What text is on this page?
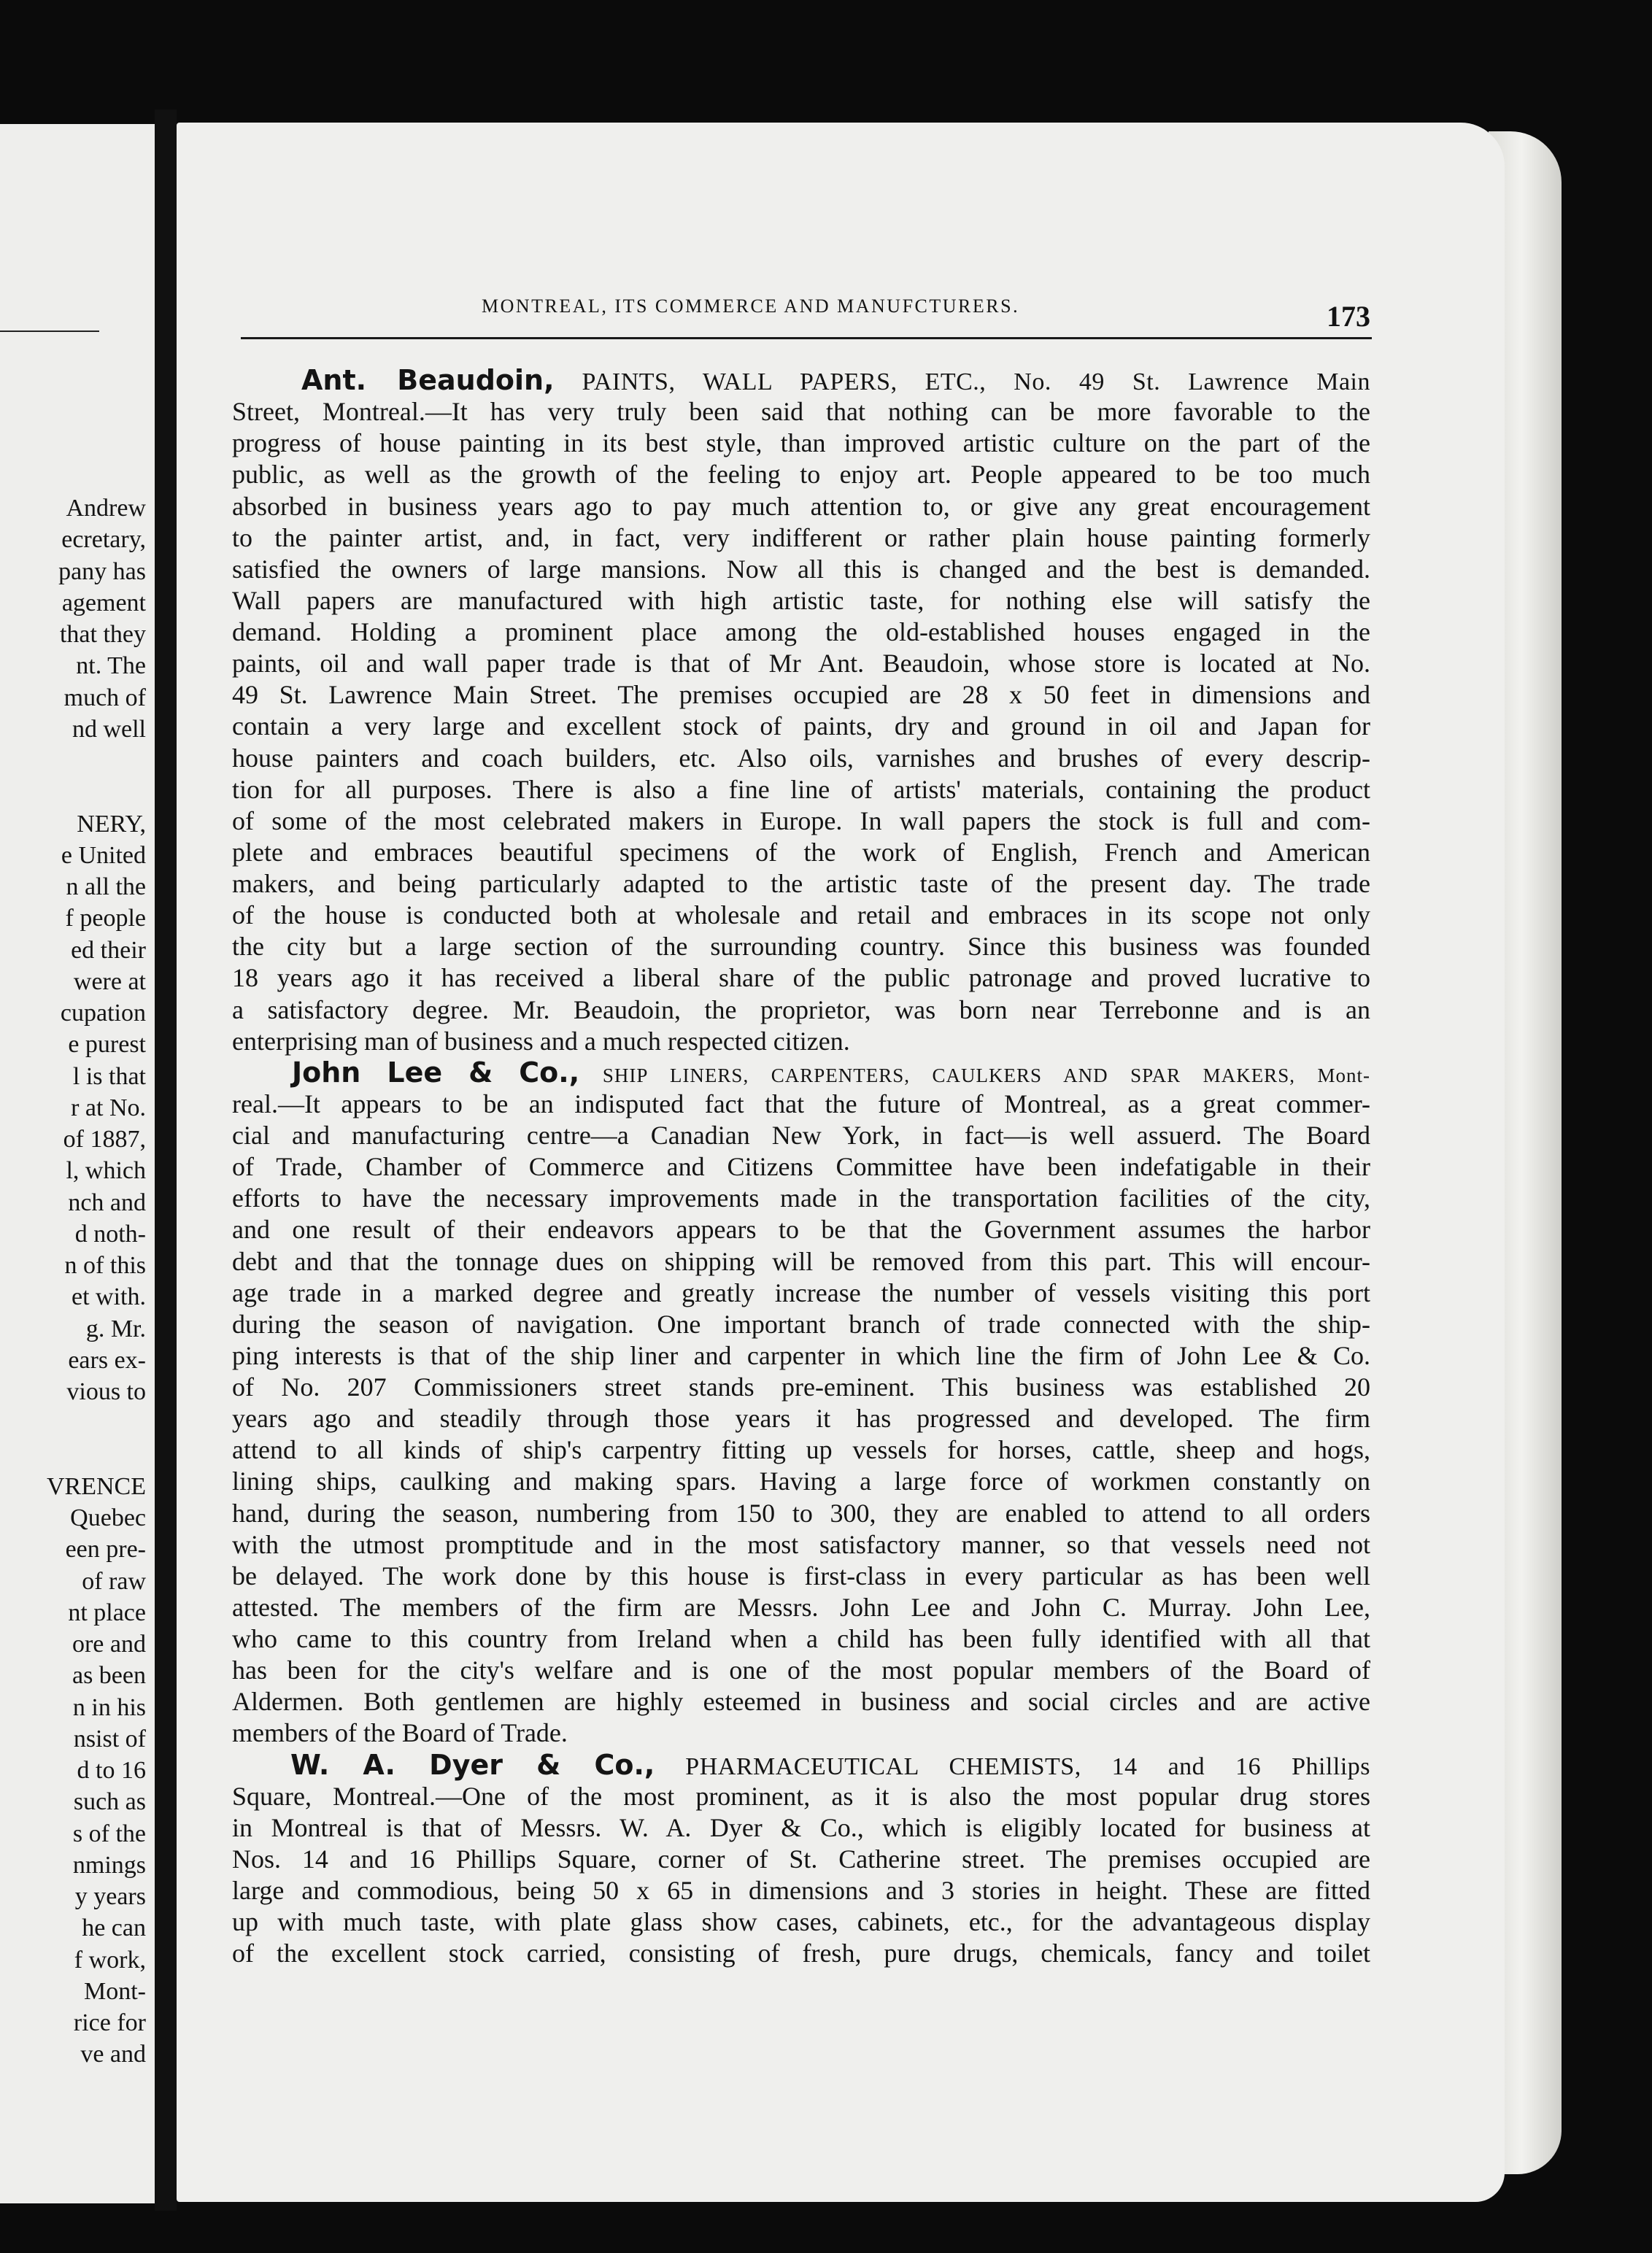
Andrew
ecretary,
pany has
agement
that they
nt. The
much of
nd well

NERY,
e United
n all the
f people
ed their
were at
cupation
e purest
l is that
r at No.
of 1887,
l, which
nch and
d noth-
n of this
et with.
g. Mr.
ears ex-
vious to

VRENCE
Quebec
een pre-
of raw
nt place
ore and
as been
n in his
nsist of
d to 16
such as
s of the
nmings
y years
he can
f work,
Mont-
rice for
ve and
MONTREAL, ITS COMMERCE AND MANUFCTURERS.	173
Ant. Beaudoin, PAINTS, WALL PAPERS, ETC., No. 49 St. Lawrence Main
Street, Montreal.—It has very truly been said that nothing can be more favorable to the
progress of house painting in its best style, than improved artistic culture on the part of the
public, as well as the growth of the feeling to enjoy art. People appeared to be too much
absorbed in business years ago to pay much attention to, or give any great encouragement
to the painter artist, and, in fact, very indifferent or rather plain house painting formerly
satisfied the owners of large mansions. Now all this is changed and the best is demanded.
Wall papers are manufactured with high artistic taste, for nothing else will satisfy the
demand. Holding a prominent place among the old-established houses engaged in the
paints, oil and wall paper trade is that of Mr Ant. Beaudoin, whose store is located at No.
49 St. Lawrence Main Street. The premises occupied are 28 x 50 feet in dimensions and
contain a very large and excellent stock of paints, dry and ground in oil and Japan for
house painters and coach builders, etc. Also oils, varnishes and brushes of every descrip-
tion for all purposes. There is also a fine line of artists' materials, containing the product
of some of the most celebrated makers in Europe. In wall papers the stock is full and com-
plete and embraces beautiful specimens of the work of English, French and American
makers, and being particularly adapted to the artistic taste of the present day. The trade
of the house is conducted both at wholesale and retail and embraces in its scope not only
the city but a large section of the surrounding country. Since this business was founded
18 years ago it has received a liberal share of the public patronage and proved lucrative to
a satisfactory degree. Mr. Beaudoin, the proprietor, was born near Terrebonne and is an
enterprising man of business and a much respected citizen.
John Lee & Co., SHIP LINERS, CARPENTERS, CAULKERS AND SPAR MAKERS, Mont-
real.—It appears to be an indisputed fact that the future of Montreal, as a great commer-
cial and manufacturing centre—a Canadian New York, in fact—is well assuerd. The Board
of Trade, Chamber of Commerce and Citizens Committee have been indefatigable in their
efforts to have the necessary improvements made in the transportation facilities of the city,
and one result of their endeavors appears to be that the Government assumes the harbor
debt and that the tonnage dues on shipping will be removed from this part. This will encour-
age trade in a marked degree and greatly increase the number of vessels visiting this port
during the season of navigation. One important branch of trade connected with the ship-
ping interests is that of the ship liner and carpenter in which line the firm of John Lee & Co.
of No. 207 Commissioners street stands pre-eminent. This business was established 20
years ago and steadily through those years it has progressed and developed. The firm
attend to all kinds of ship's carpentry fitting up vessels for horses, cattle, sheep and hogs,
lining ships, caulking and making spars. Having a large force of workmen constantly on
hand, during the season, numbering from 150 to 300, they are enabled to attend to all orders
with the utmost promptitude and in the most satisfactory manner, so that vessels need not
be delayed. The work done by this house is first-class in every particular as has been well
attested. The members of the firm are Messrs. John Lee and John C. Murray. John Lee,
who came to this country from Ireland when a child has been fully identified with all that
has been for the city's welfare and is one of the most popular members of the Board of
Aldermen. Both gentlemen are highly esteemed in business and social circles and are active
members of the Board of Trade.
W. A. Dyer & Co., PHARMACEUTICAL CHEMISTS, 14 and 16 Phillips
Square, Montreal.—One of the most prominent, as it is also the most popular drug stores
in Montreal is that of Messrs. W. A. Dyer & Co., which is eligibly located for business at
Nos. 14 and 16 Phillips Square, corner of St. Catherine street. The premises occupied are
large and commodious, being 50 x 65 in dimensions and 3 stories in height. These are fitted
up with much taste, with plate glass show cases, cabinets, etc., for the advantageous display
of the excellent stock carried, consisting of fresh, pure drugs, chemicals, fancy and toilet
